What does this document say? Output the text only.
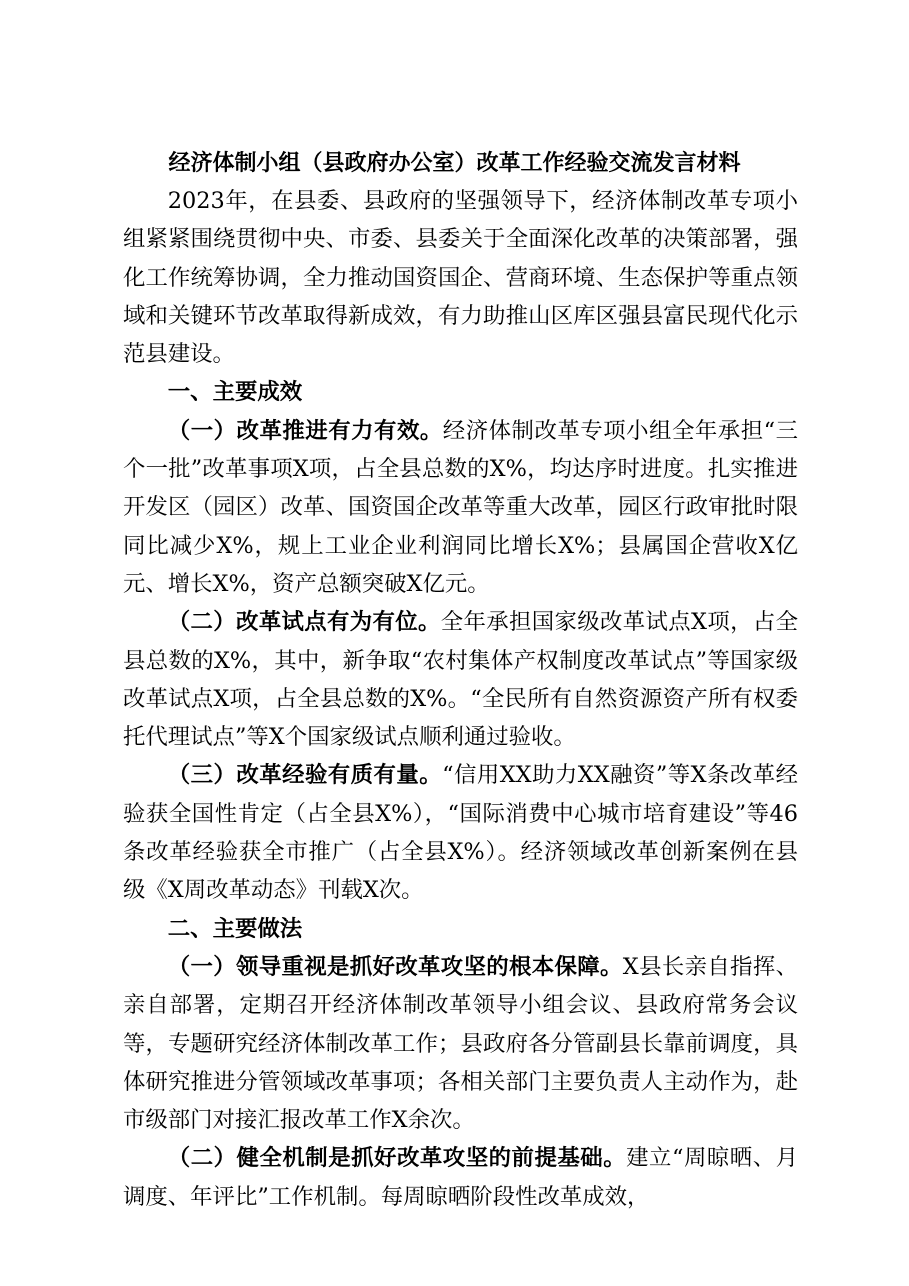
经济体制小组（县政府办公室）改革工作经验交流发言材料

2023年，在县委、县政府的坚强领导下，经济体制改革专项小组紧紧围绕贯彻中央、市委、县委关于全面深化改革的决策部署，强化工作统筹协调，全力推动国资国企、营商环境、生态保护等重点领域和关键环节改革取得新成效，有力助推山区库区强县富民现代化示范县建设。

一、主要成效

（一）改革推进有力有效。经济体制改革专项小组全年承担“三个一批”改革事项X项，占全县总数的X%，均达序时进度。扎实推进开发区（园区）改革、国资国企改革等重大改革，园区行政审批时限同比减少X%，规上工业企业利润同比增长X%；县属国企营收X亿元、增长X%，资产总额突破X亿元。

（二）改革试点有为有位。全年承担国家级改革试点X项，占全县总数的X%，其中，新争取“农村集体产权制度改革试点”等国家级改革试点X项，占全县总数的X%。“全民所有自然资源资产所有权委托代理试点”等X个国家级试点顺利通过验收。

（三）改革经验有质有量。“信用XX助力XX融资”等X条改革经验获全国性肯定（占全县X%），“国际消费中心城市培育建设”等46条改革经验获全市推广（占全县X%）。经济领域改革创新案例在县级《X周改革动态》刊载X次。

二、主要做法

（一）领导重视是抓好改革攻坚的根本保障。X县长亲自指挥、亲自部署，定期召开经济体制改革领导小组会议、县政府常务会议等，专题研究经济体制改革工作；县政府各分管副县长靠前调度，具体研究推进分管领域改革事项；各相关部门主要负责人主动作为，赴市级部门对接汇报改革工作X余次。

（二）健全机制是抓好改革攻坚的前提基础。建立“周晾晒、月调度、年评比”工作机制。每周晾晒阶段性改革成效，
